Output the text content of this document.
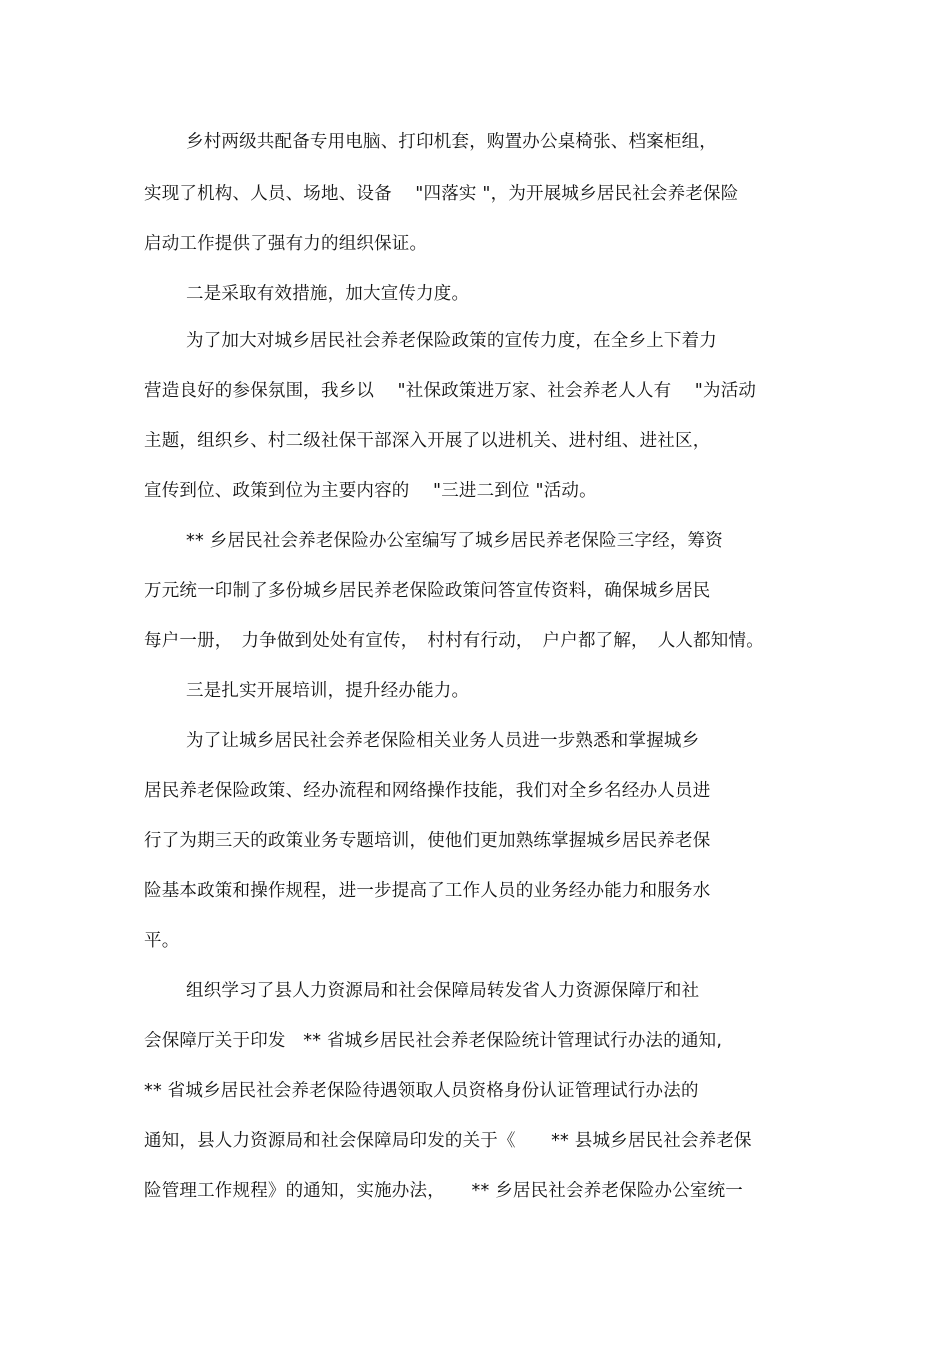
乡村两级共配备专用电脑、打印机套，购置办公桌椅张、档案柜组，
实现了机构、人员、场地、设备　 "四落实 "，为开展城乡居民社会养老保险
启动工作提供了强有力的组织保证。
二是采取有效措施，加大宣传力度。
为了加大对城乡居民社会养老保险政策的宣传力度，在全乡上下着力
营造良好的参保氛围，我乡以　 "社保政策进万家、社会养老人人有　 "为活动
主题，组织乡、村二级社保干部深入开展了以进机关、进村组、进社区，
宣传到位、政策到位为主要内容的　 "三进二到位 "活动。
** 乡居民社会养老保险办公室编写了城乡居民养老保险三字经，筹资
万元统一印制了多份城乡居民养老保险政策问答宣传资料，确保城乡居民
每户一册，　力争做到处处有宣传，　村村有行动，　户户都了解，　人人都知情。
三是扎实开展培训，提升经办能力。
为了让城乡居民社会养老保险相关业务人员进一步熟悉和掌握城乡
居民养老保险政策、经办流程和网络操作技能，我们对全乡名经办人员进
行了为期三天的政策业务专题培训，使他们更加熟练掌握城乡居民养老保
险基本政策和操作规程，进一步提高了工作人员的业务经办能力和服务水
平。
组织学习了县人力资源局和社会保障局转发省人力资源保障厅和社
会保障厅关于印发　** 省城乡居民社会养老保险统计管理试行办法的通知,
** 省城乡居民社会养老保险待遇领取人员资格身份认证管理试行办法的
通知，县人力资源局和社会保障局印发的关于《　　** 县城乡居民社会养老保
险管理工作规程》的通知，实施办法，　　** 乡居民社会养老保险办公室统一
